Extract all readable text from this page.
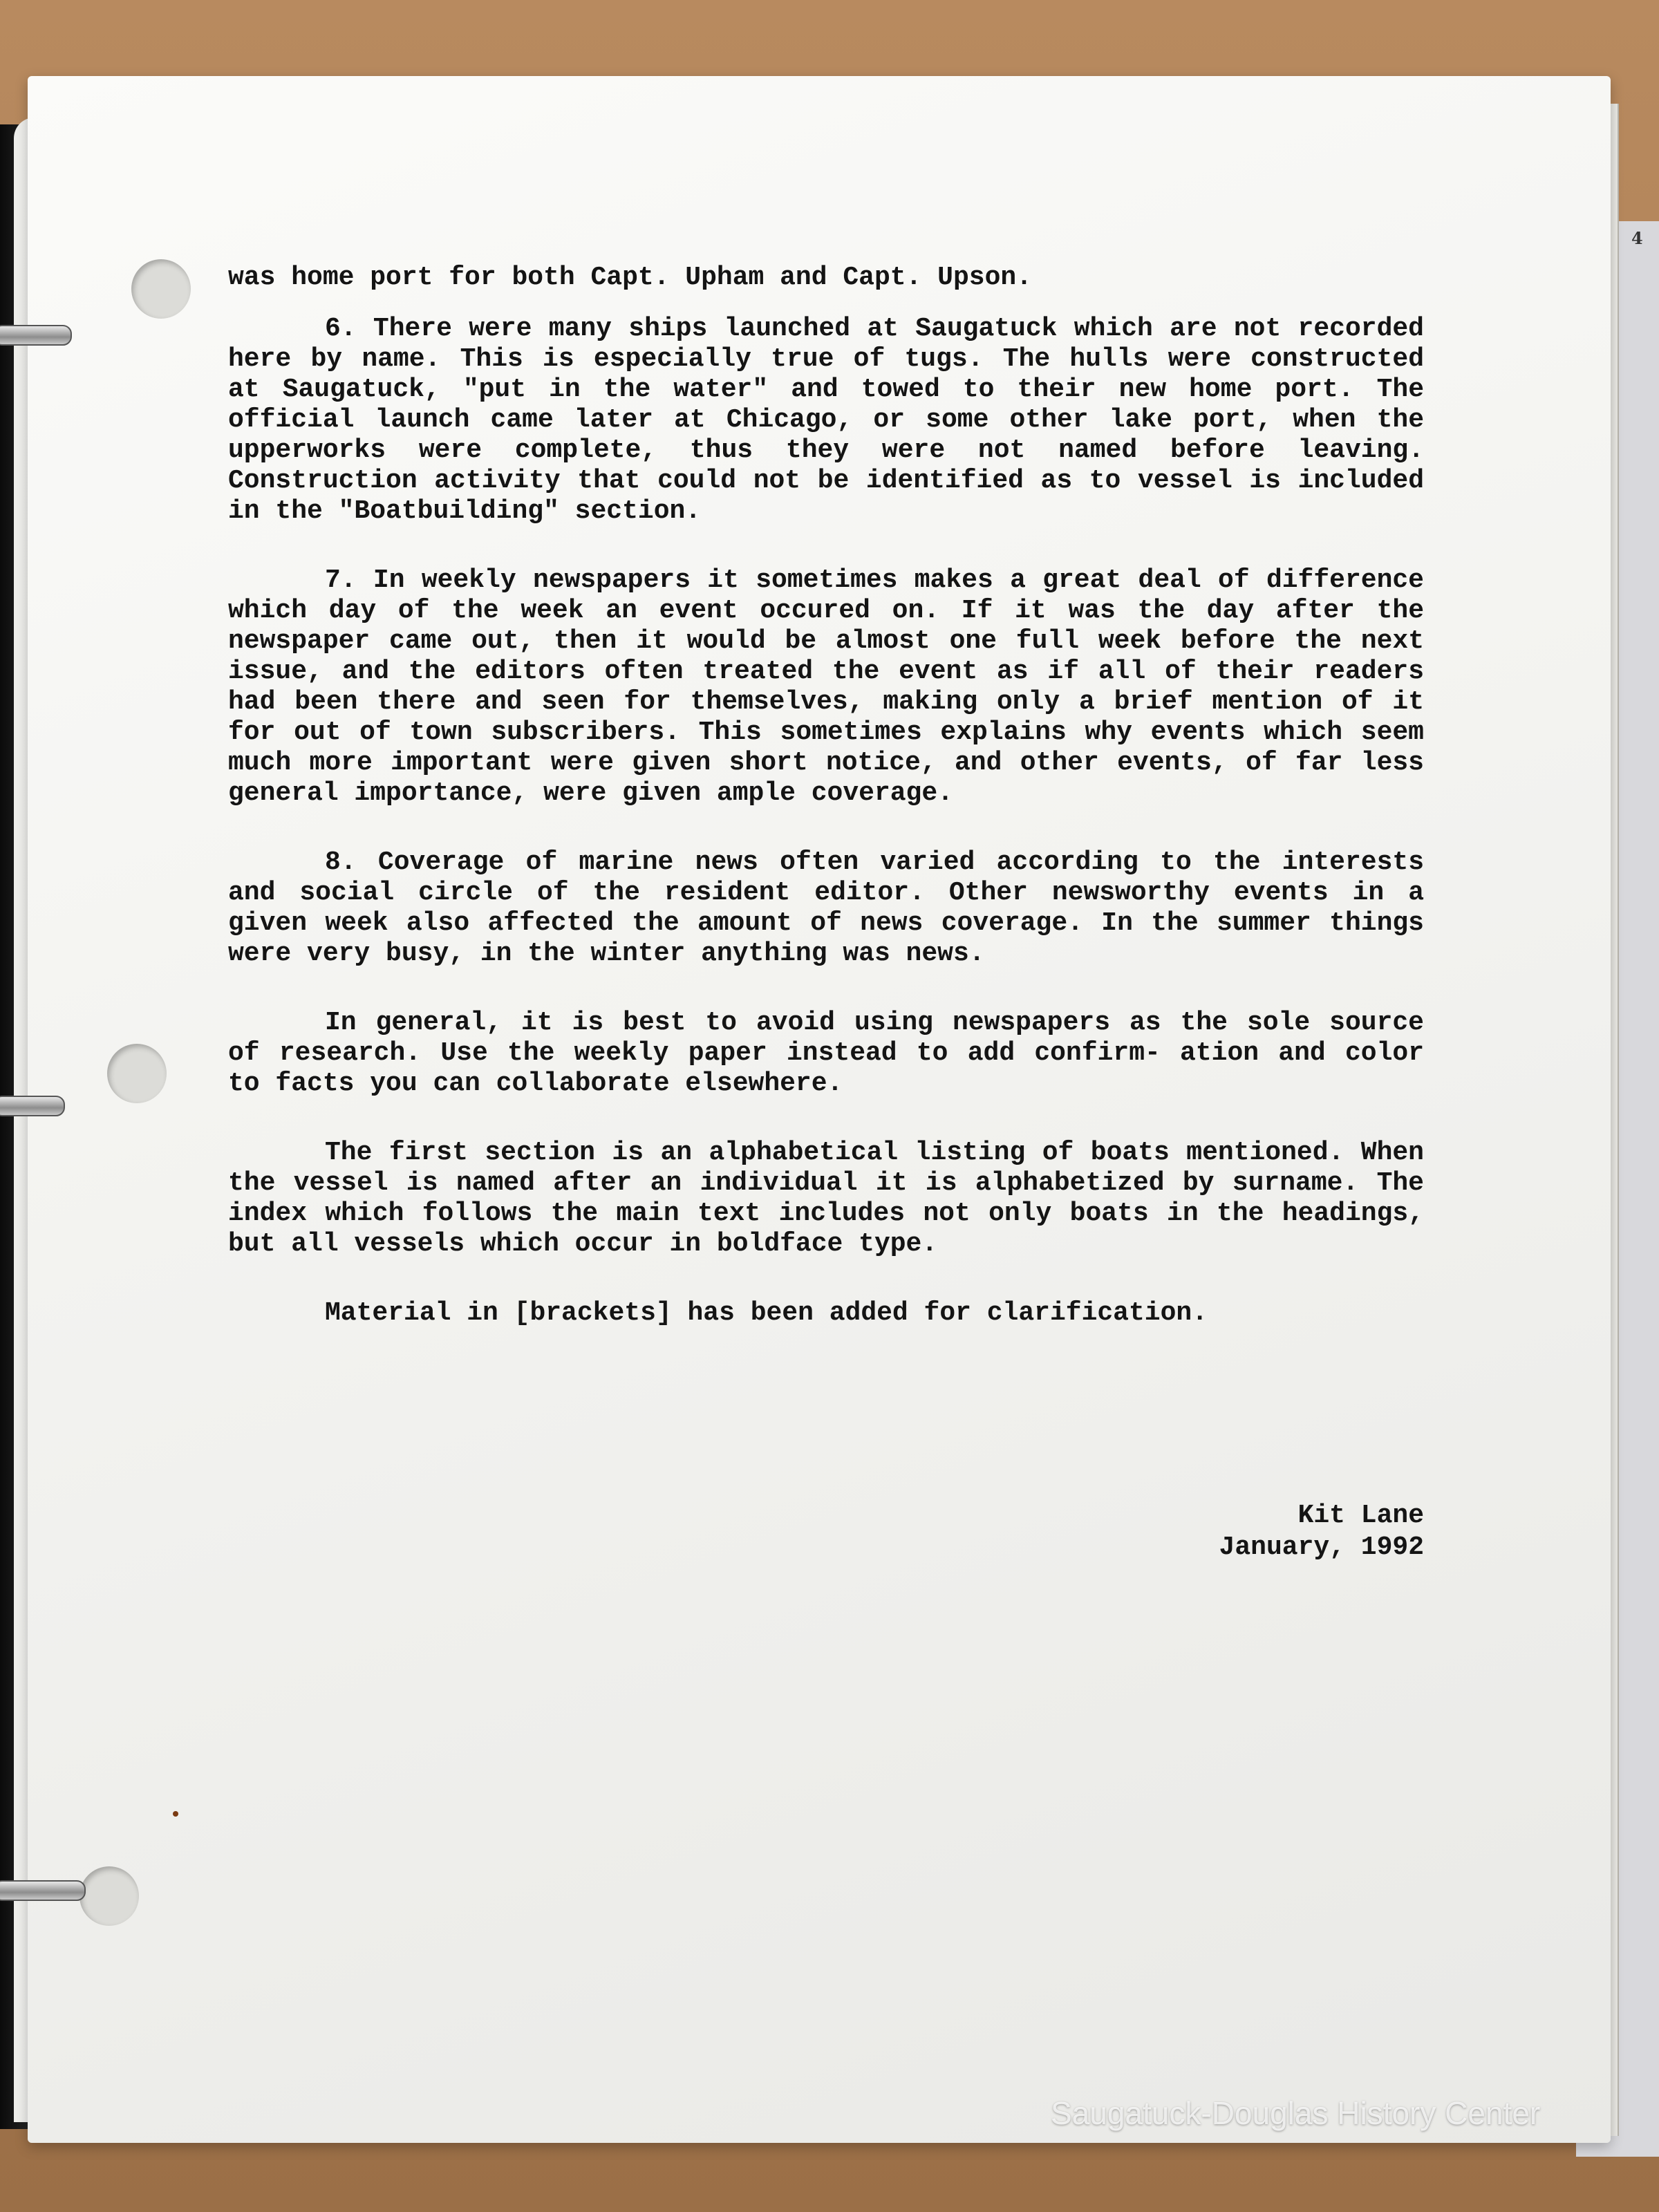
4

was home port for both Capt. Upham and Capt. Upson.

6. There were many ships launched at Saugatuck which are not recorded here by name. This is especially true of tugs. The hulls were constructed at Saugatuck, "put in the water" and towed to their new home port. The official launch came later at Chicago, or some other lake port, when the upperworks were complete, thus they were not named before leaving. Construction activity that could not be identified as to vessel is included in the "Boatbuilding" section.

7. In weekly newspapers it sometimes makes a great deal of difference which day of the week an event occured on. If it was the day after the newspaper came out, then it would be almost one full week before the next issue, and the editors often treated the event as if all of their readers had been there and seen for themselves, making only a brief mention of it for out of town subscribers. This sometimes explains why events which seem much more important were given short notice, and other events, of far less general importance, were given ample coverage.

8. Coverage of marine news often varied according to the interests and social circle of the resident editor. Other newsworthy events in a given week also affected the amount of news coverage. In the summer things were very busy, in the winter anything was news.

In general, it is best to avoid using newspapers as the sole source of research. Use the weekly paper instead to add confirm- ation and color to facts you can collaborate elsewhere.

The first section is an alphabetical listing of boats mentioned. When the vessel is named after an individual it is alphabetized by surname. The index which follows the main text includes not only boats in the headings, but all vessels which occur in boldface type.

Material in [brackets] has been added for clarification.

Kit Lane
January, 1992
Saugatuck-Douglas History Center
